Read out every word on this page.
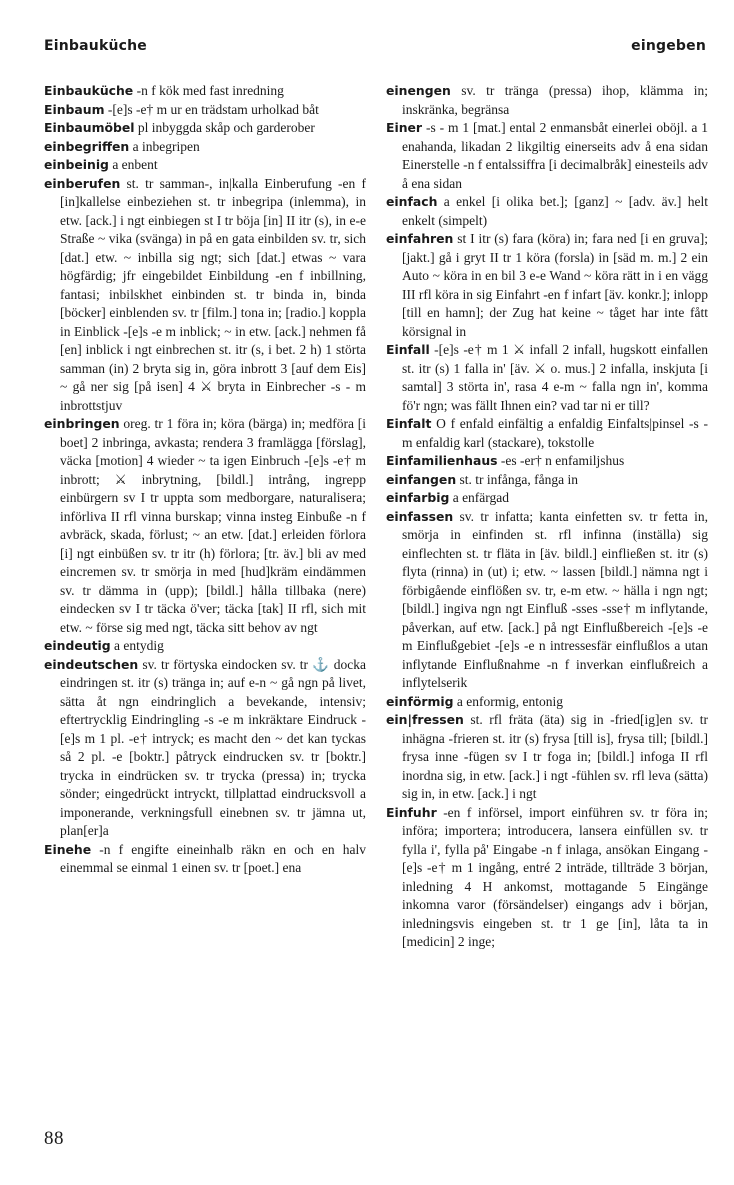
Einbauküche	eingeben

Einbauküche -n f kök med fast inredning

Einbaum -[e]s -e† m ur en trädstam urholkad båt

Einbaumöbel pl inbyggda skåp och garderober

einbegriffen a inbegripen

einbeinig a enbent

einberufen st. tr samman-, in|kalla Einberufung -en f [in]kallelse einbeziehen st. tr inbegripa (inlemma), in etw. [ack.] i ngt einbiegen st I tr böja [in] II itr (s), in e-e Straße ~ vika (svänga) in på en gata einbilden sv. tr, sich [dat.] etw. ~ inbilla sig ngt; sich [dat.] etwas ~ vara högfärdig; jfr eingebildet Einbildung -en f inbillning, fantasi; inbilskhet einbinden st. tr binda in, binda [böcker] einblenden sv. tr [film.] tona in; [radio.] koppla in Einblick -[e]s -e m inblick; ~ in etw. [ack.] nehmen få [en] inblick i ngt einbrechen st. itr (s, i bet. 2 h) 1 störta samman (in) 2 bryta sig in, göra inbrott 3 [auf dem Eis] ~ gå ner sig [på isen] 4 ⚔ bryta in Einbrecher -s - m inbrottstjuv

einbringen oreg. tr 1 föra in; köra (bärga) in; medföra [i boet] 2 inbringa, avkasta; rendera 3 framlägga [förslag], väcka [motion] 4 wieder ~ ta igen Einbruch -[e]s -e† m inbrott; ⚔ inbrytning, [bildl.] intrång, ingrepp einbürgern sv I tr uppta som medborgare, naturalisera; införliva II rfl vinna burskap; vinna insteg Einbuße -n f avbräck, skada, förlust; ~ an etw. [dat.] erleiden förlora [i] ngt einbüßen sv. tr itr (h) förlora; [tr. äv.] bli av med eincremen sv. tr smörja in med [hud]kräm eindämmen sv. tr dämma in (upp); [bildl.] hålla tillbaka (nere) eindecken sv I tr täcka ö'ver; täcka [tak] II rfl, sich mit etw. ~ förse sig med ngt, täcka sitt behov av ngt

eindeutig a entydig

eindeutschen sv. tr förtyska eindocken sv. tr ⚓ docka eindringen st. itr (s) tränga in; auf e-n ~ gå ngn på livet, sätta åt ngn eindringlich a bevekande, intensiv; eftertrycklig Eindringling -s -e m inkräktare Eindruck -[e]s m 1 pl. -e† intryck; es macht den ~ det kan tyckas så 2 pl. -e [boktr.] påtryck eindrucken sv. tr [boktr.] trycka in eindrücken sv. tr trycka (pressa) in; trycka sönder; eingedrückt intryckt, tillplattad eindrucksvoll a imponerande, verkningsfull einebnen sv. tr jämna ut, plan[er]a

Einehe -n f engifte eineinhalb räkn en och en halv einemmal se einmal 1 einen sv. tr [poet.] ena

einengen sv. tr tränga (pressa) ihop, klämma in; inskränka, begränsa

Einer -s - m 1 [mat.] ental 2 enmansbåt einerlei oböjl. a 1 enahanda, likadan 2 likgiltig einerseits adv å ena sidan Einerstelle -n f entalssiffra [i decimalbråk] einesteils adv å ena sidan

einfach a enkel [i olika bet.]; [ganz] ~ [adv. äv.] helt enkelt (simpelt)

einfahren st I itr (s) fara (köra) in; fara ned [i en gruva]; [jakt.] gå i gryt II tr 1 köra (forsla) in [säd m. m.] 2 ein Auto ~ köra in en bil 3 e-e Wand ~ köra rätt in i en vägg III rfl köra in sig Einfahrt -en f infart [äv. konkr.]; inlopp [till en hamn]; der Zug hat keine ~ tåget har inte fått körsignal in

Einfall -[e]s -e† m 1 ⚔ infall 2 infall, hugskott einfallen st. itr (s) 1 falla in' [äv. ⚔ o. mus.] 2 infalla, inskjuta [i samtal] 3 störta in', rasa 4 e-m ~ falla ngn in', komma fö'r ngn; was fällt Ihnen ein? vad tar ni er till?

Einfalt O f enfald einfältig a enfaldig Einfalts|pinsel -s - m enfaldig karl (stackare), tokstolle

Einfamilienhaus -es -er† n enfamiljshus

einfangen st. tr infånga, fånga in

einfarbig a enfärgad

einfassen sv. tr infatta; kanta einfetten sv. tr fetta in, smörja in einfinden st. rfl infinna (inställa) sig einflechten st. tr fläta in [äv. bildl.] einfließen st. itr (s) flyta (rinna) in (ut) i; etw. ~ lassen [bildl.] nämna ngt i förbigående einflößen sv. tr, e-m etw. ~ hälla i ngn ngt; [bildl.] ingiva ngn ngt Einfluß -sses -sse† m inflytande, påverkan, auf etw. [ack.] på ngt Einflußbereich -[e]s -e m Einflußgebiet -[e]s -e n intressesfär einflußlos a utan inflytande Einflußnahme -n f inverkan einflußreich a inflytelserik

einförmig a enformig, entonig

ein|fressen st. rfl fräta (äta) sig in -fried[ig]en sv. tr inhägna -frieren st. itr (s) frysa [till is], frysa till; [bildl.] frysa inne -fügen sv I tr foga in; [bildl.] infoga II rfl inordna sig, in etw. [ack.] i ngt -fühlen sv. rfl leva (sätta) sig in, in etw. [ack.] i ngt

Einfuhr -en f införsel, import einführen sv. tr föra in; införa; importera; introducera, lansera einfüllen sv. tr fylla i', fylla på' Eingabe -n f inlaga, ansökan Eingang -[e]s -e† m 1 ingång, entré 2 inträde, tillträde 3 början, inledning 4 H ankomst, mottagande 5 Eingänge inkomna varor (försändelser) eingangs adv i början, inledningsvis eingeben st. tr 1 ge [in], låta ta in [medicin] 2 inge;

88
